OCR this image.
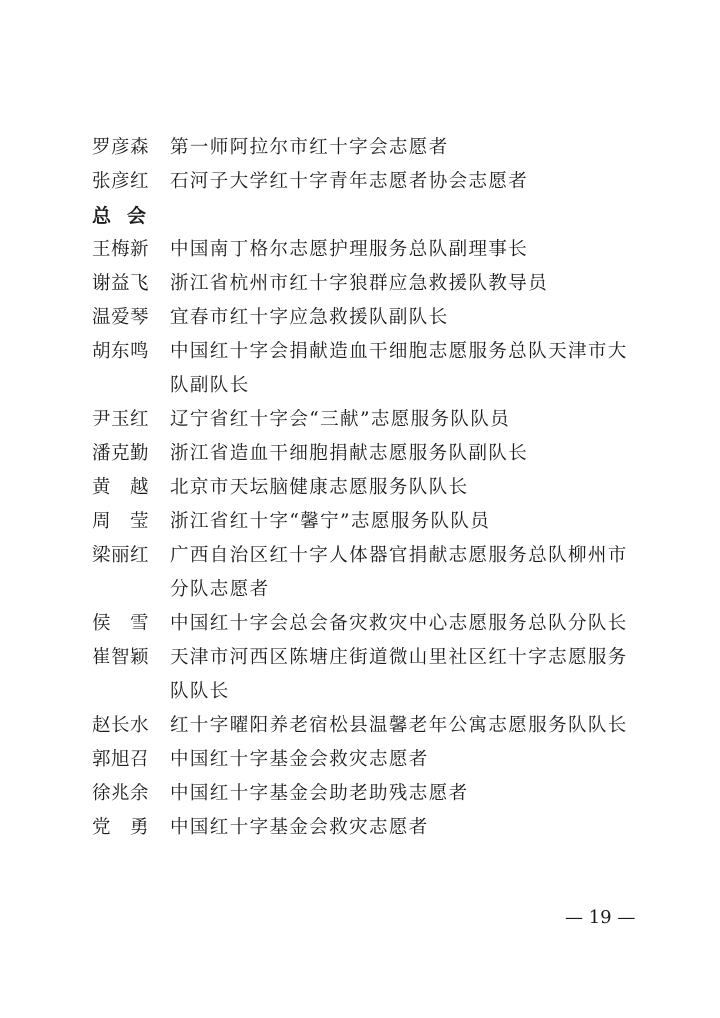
罗彦森	第一师阿拉尔市红十字会志愿者
张彦红	石河子大学红十字青年志愿者协会志愿者
总会
王梅新	中国南丁格尔志愿护理服务总队副理事长
谢益飞	浙江省杭州市红十字狼群应急救援队教导员
温爱琴	宜春市红十字应急救援队副队长
胡东鸣	中国红十字会捐献造血干细胞志愿服务总队天津市大队副队长
尹玉红	辽宁省红十字会“三献”志愿服务队队员
潘克勤	浙江省造血干细胞捐献志愿服务队副队长
黄　越	北京市天坛脑健康志愿服务队队长
周　莹	浙江省红十字“馨宁”志愿服务队队员
梁丽红	广西自治区红十字人体器官捐献志愿服务总队柳州市分队志愿者
侯　雪	中国红十字会总会备灾救灾中心志愿服务总队分队长
崔智颖	天津市河西区陈塘庄街道微山里社区红十字志愿服务队队长
赵长水	红十字曜阳养老宿松县温馨老年公寓志愿服务队队长
郭旭召	中国红十字基金会救灾志愿者
徐兆余	中国红十字基金会助老助残志愿者
党　勇	中国红十字基金会救灾志愿者
— 19 —
